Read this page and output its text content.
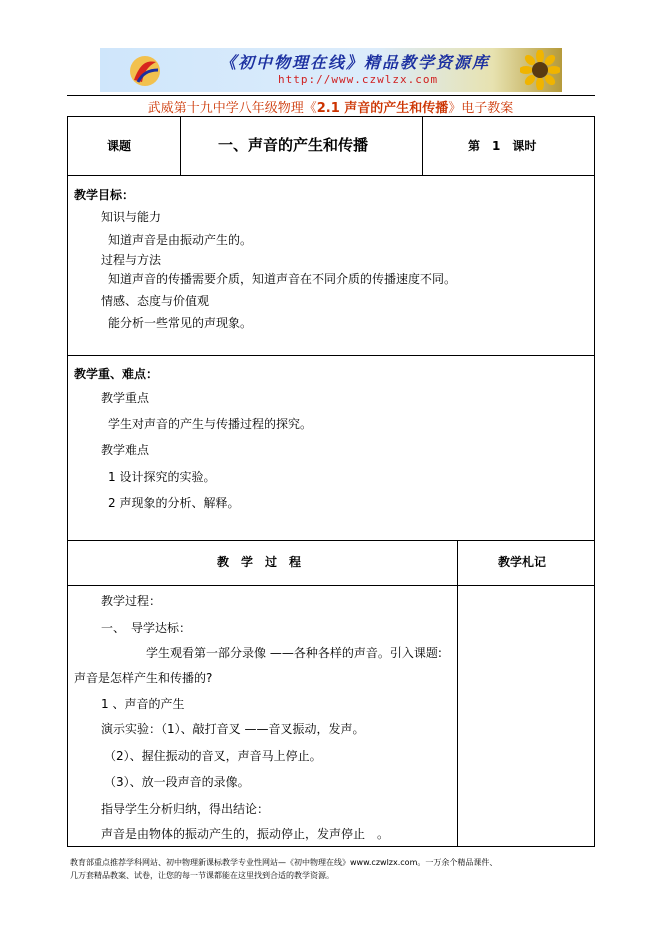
《初中物理在线》精品教学资源库
http://www.czwlzx.com
武威第十九中学八年级物理《2.1 声音的产生和传播》电子教案
课题	一、声音的产生和传播	第　1　课时
教学目标：
知识与能力
知道声音是由振动产生的。
过程与方法
知道声音的传播需要介质，知道声音在不同介质的传播速度不同。
情感、态度与价值观
能分析一些常见的声现象。
教学重、难点：
教学重点
学生对声音的产生与传播过程的探究。
教学难点
1 设计探究的实验。
2 声现象的分析、解释。
教　学　过　程	教学札记
教学过程：
一、　导学达标：
学生观看第一部分录像 ——各种各样的声音。引入课题:
声音是怎样产生和传播的?
1 、声音的产生
演示实验：（1）、敲打音叉 ——音叉振动，发声。
（2）、握住振动的音叉，声音马上停止。
（3）、放一段声音的录像。
指导学生分析归纳，得出结论：
声音是由物体的振动产生的，振动停止，发声停止　。
教育部重点推荐学科网站、初中物理新课标教学专业性网站—《初中物理在线》www.czwlzx.com。一万余个精品课件、
几万套精品教案、试卷，让您的每一节课都能在这里找到合适的教学资源。
